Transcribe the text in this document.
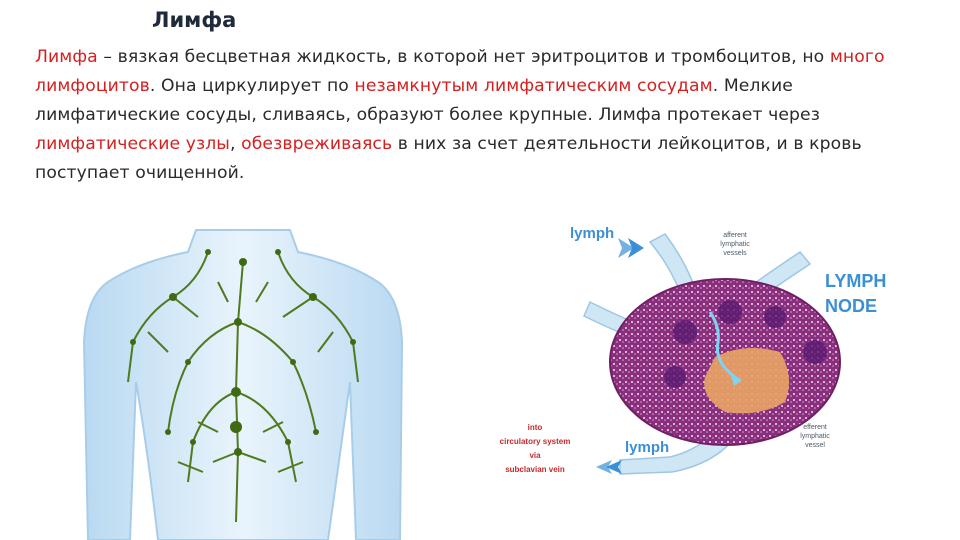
Лимфа
Лимфа – вязкая бесцветная жидкость, в которой нет эритроцитов и тромбоцитов, но много лимфоцитов. Она циркулирует по незамкнутым лимфатическим сосудам. Мелкие лимфатические сосуды, сливаясь, образуют более крупные. Лимфа протекает через лимфатические узлы, обезвреживаясь в них за счет деятельности лейкоцитов, и в кровь поступает очищенной.
lymph
lymph
afferent
lymphatic
vessels
efferent
lymphatic
vessel
LYMPH
NODE
into
circulatory system
via
subclavian vein
